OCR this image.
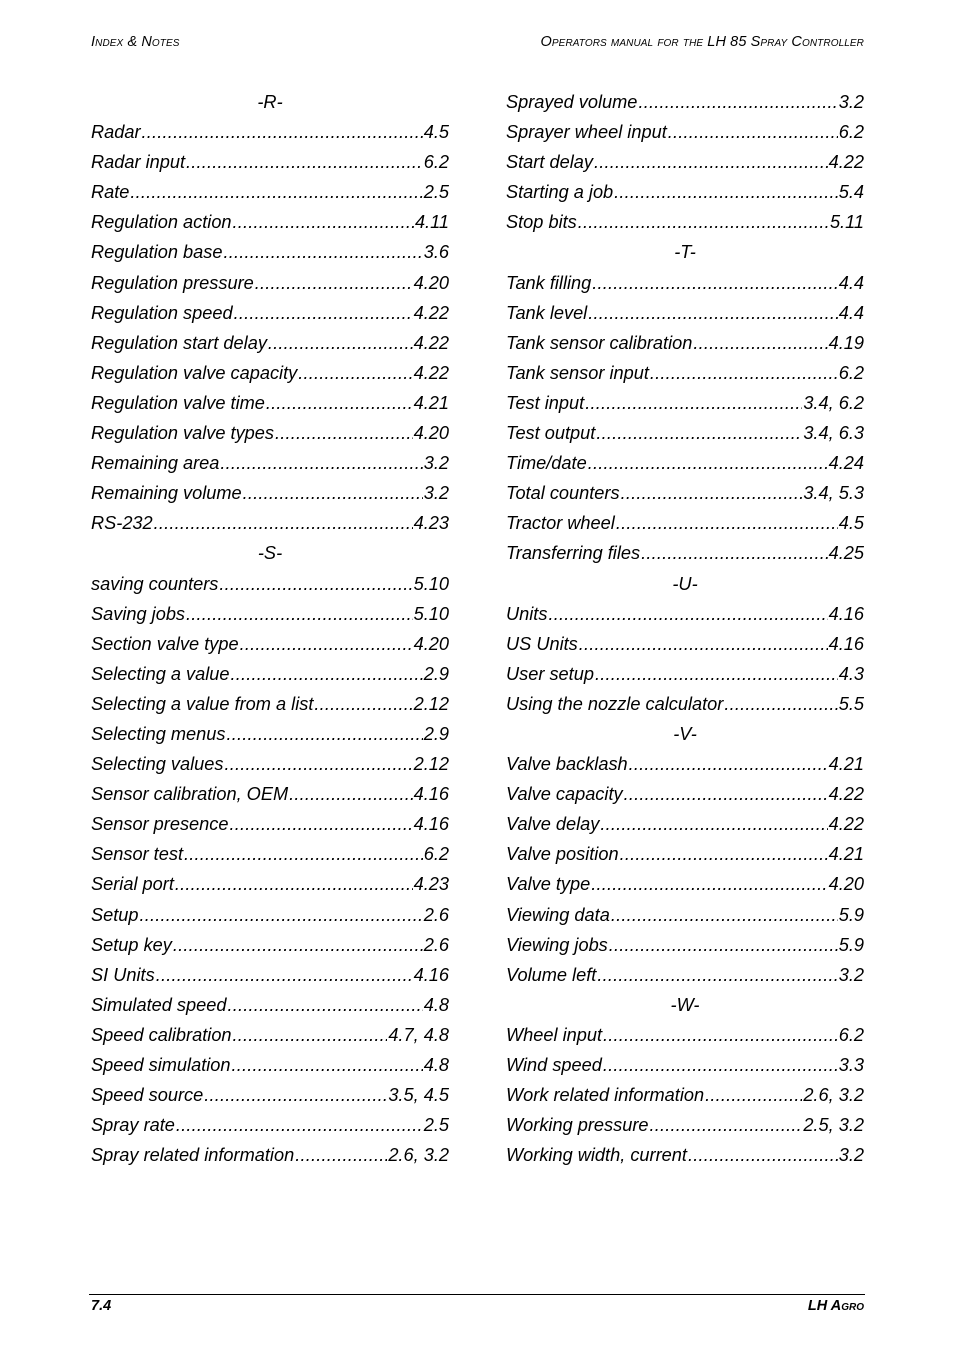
Index & Notes	Operators manual for the LH 85 Spray Controller
-R-
Radar .....	4.5
Radar input .....	6.2
Rate .....	2.5
Regulation action .....	4.11
Regulation base .....	3.6
Regulation pressure .....	4.20
Regulation speed .....	4.22
Regulation start delay .....	4.22
Regulation valve capacity .....	4.22
Regulation valve time .....	4.21
Regulation valve types .....	4.20
Remaining area .....	3.2
Remaining volume .....	3.2
RS-232 .....	4.23
-S-
saving counters .....	5.10
Saving jobs .....	5.10
Section valve type .....	4.20
Selecting a value .....	2.9
Selecting a value from a list .....	2.12
Selecting menus .....	2.9
Selecting values .....	2.12
Sensor calibration, OEM .....	4.16
Sensor presence .....	4.16
Sensor test .....	6.2
Serial port .....	4.23
Setup .....	2.6
Setup key .....	2.6
SI Units .....	4.16
Simulated speed .....	4.8
Speed calibration .....	4.7, 4.8
Speed simulation .....	4.8
Speed source .....	3.5, 4.5
Spray rate .....	2.5
Spray related information .....	2.6, 3.2
Sprayed volume .....	3.2
Sprayer wheel input .....	6.2
Start delay .....	4.22
Starting a job .....	5.4
Stop bits .....	5.11
-T-
Tank filling .....	4.4
Tank level .....	4.4
Tank sensor calibration .....	4.19
Tank sensor input .....	6.2
Test input .....	3.4, 6.2
Test output .....	3.4, 6.3
Time/date .....	4.24
Total counters .....	3.4, 5.3
Tractor wheel .....	4.5
Transferring files .....	4.25
-U-
Units .....	4.16
US Units .....	4.16
User setup .....	4.3
Using the nozzle calculator .....	5.5
-V-
Valve backlash .....	4.21
Valve capacity .....	4.22
Valve delay .....	4.22
Valve position .....	4.21
Valve type .....	4.20
Viewing data .....	5.9
Viewing jobs .....	5.9
Volume left .....	3.2
-W-
Wheel input .....	6.2
Wind speed .....	3.3
Work related information .....	2.6, 3.2
Working pressure .....	2.5, 3.2
Working width, current .....	3.2
7.4	LH Agro
